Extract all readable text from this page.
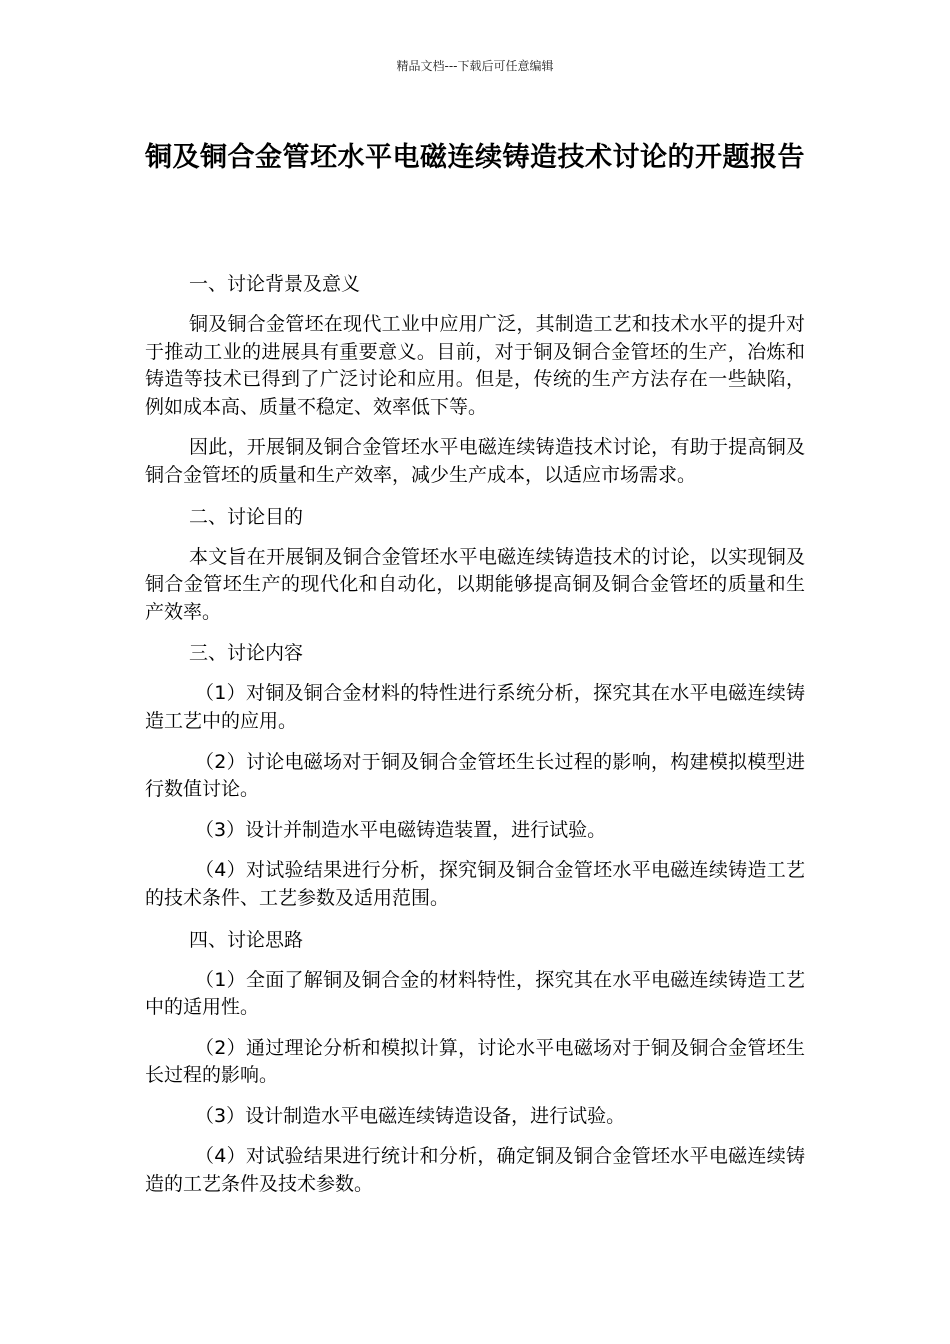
精品文档---下载后可任意编辑
铜及铜合金管坯水平电磁连续铸造技术讨论的开题报告
一、讨论背景及意义
铜及铜合金管坯在现代工业中应用广泛，其制造工艺和技术水平的提升对于推动工业的进展具有重要意义。目前，对于铜及铜合金管坯的生产，冶炼和铸造等技术已得到了广泛讨论和应用。但是，传统的生产方法存在一些缺陷，例如成本高、质量不稳定、效率低下等。
因此，开展铜及铜合金管坯水平电磁连续铸造技术讨论，有助于提高铜及铜合金管坯的质量和生产效率，减少生产成本，以适应市场需求。
二、讨论目的
本文旨在开展铜及铜合金管坯水平电磁连续铸造技术的讨论，以实现铜及铜合金管坯生产的现代化和自动化，以期能够提高铜及铜合金管坯的质量和生产效率。
三、讨论内容
（1）对铜及铜合金材料的特性进行系统分析，探究其在水平电磁连续铸造工艺中的应用。
（2）讨论电磁场对于铜及铜合金管坯生长过程的影响，构建模拟模型进行数值讨论。
（3）设计并制造水平电磁铸造装置，进行试验。
（4）对试验结果进行分析，探究铜及铜合金管坯水平电磁连续铸造工艺的技术条件、工艺参数及适用范围。
四、讨论思路
（1）全面了解铜及铜合金的材料特性，探究其在水平电磁连续铸造工艺中的适用性。
（2）通过理论分析和模拟计算，讨论水平电磁场对于铜及铜合金管坯生长过程的影响。
（3）设计制造水平电磁连续铸造设备，进行试验。
（4）对试验结果进行统计和分析，确定铜及铜合金管坯水平电磁连续铸造的工艺条件及技术参数。
